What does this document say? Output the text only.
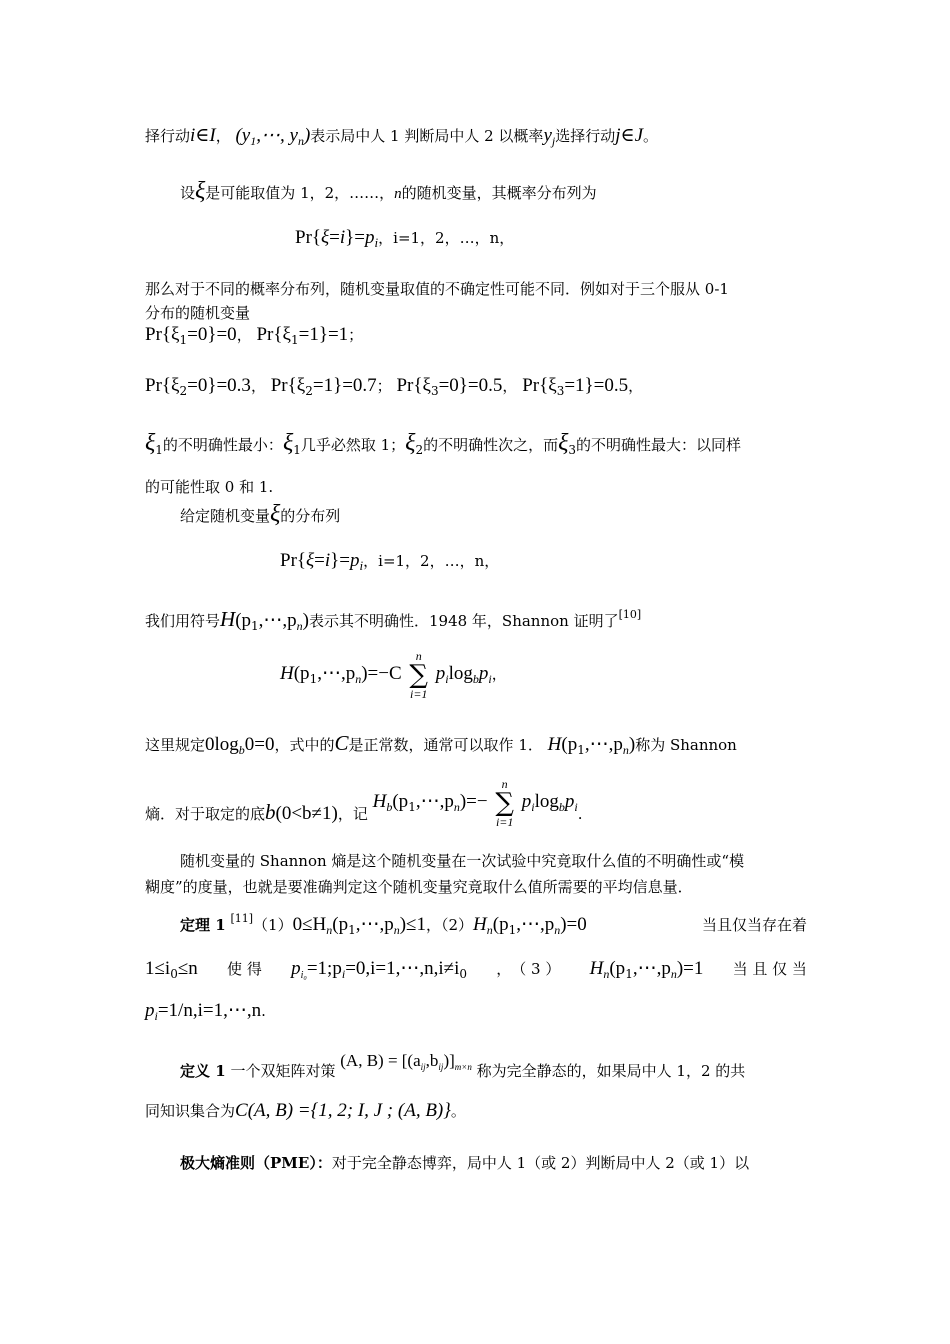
择行动i∈I， ($y_1,\cdots$, $y_n$)表示局中人 1 判断局中人 2 以概率$y_j$选择行动j∈J。
设ξ是可能取值为 1，2，……，n的随机变量，其概率分布列为
Pr{ξ=i}=pi，i=1，2，…，n，
那么对于不同的概率分布列，随机变量取值的不确定性可能不同．例如对于三个服从 0-1
分布的随机变量
$Pr\{\xi_1=0\}=0$， $Pr\{\xi_1=1\}=1$；
$Pr\{\xi_2=0\}=0.3$， $Pr\{\xi_2=1\}=0.7$； $Pr\{\xi_3=0\}=0.5$， $Pr\{\xi_3=1\}=0.5$，
$\xi_1$的不明确性最小：$\xi_1$几乎必然取 1；$\xi_2$的不明确性次之，而$\xi_3$的不明确性最大：以同样
的可能性取 0 和 1.
给定随机变量ξ的分布列
Pr{ξ=i}=pi，i=1，2，…，n，
我们用符号$H(p_1,\cdots,p_n)$表示其不明确性．1948 年，Shannon 证明了[10]
$H(p_1,\cdots,p_n)=-C$
n
∑
i=1
$p_i\log_bp_i$，
这里规定$0\log_b0=0$，式中的C是正常数，通常可以取作 1． $H(p_1,\cdots,p_n)$称为 Shannon
熵．对于取定的底b(0<b≠1)，记 $H_b(p_1,\cdots,p_n)=-$
n
∑
i=1
$p_i\log_bp_i$.
随机变量的 Shannon 熵是这个随机变量在一次试验中究竟取什么值的不明确性或“模
糊度”的度量，也就是要准确判定这个随机变量究竟取什么值所需要的平均信息量．
定理 1 $[11](1)0\le H_n(p_1,\cdots,p_n)\le 1$，$(2)H_n(p_1,\cdots,p_n)=0$	当且仅当存在着
$1\le i_0\le n$ 使 得 $p_{i_0}=1;p_i=0,i=1,\cdots,n,i\ne i_0$ ，　（ 3 ） $H_n(p_1,\cdots,p_n)=1$ 当 且 仅 当
$p_i=1/n,i=1,\cdots,n$.
定义 1 一个双矩阵对策 (A, $B) = [(a_{ij},b_{ij})]_{m\times n}$ 称为完全静态的，如果局中人 1，2 的共
同知识集合为C(A, B) ={1, 2; I, J ; (A, B)}。
极大熵准则（PME）：对于完全静态博弈，局中人 1（或 2）判断局中人 2（或 1）以
